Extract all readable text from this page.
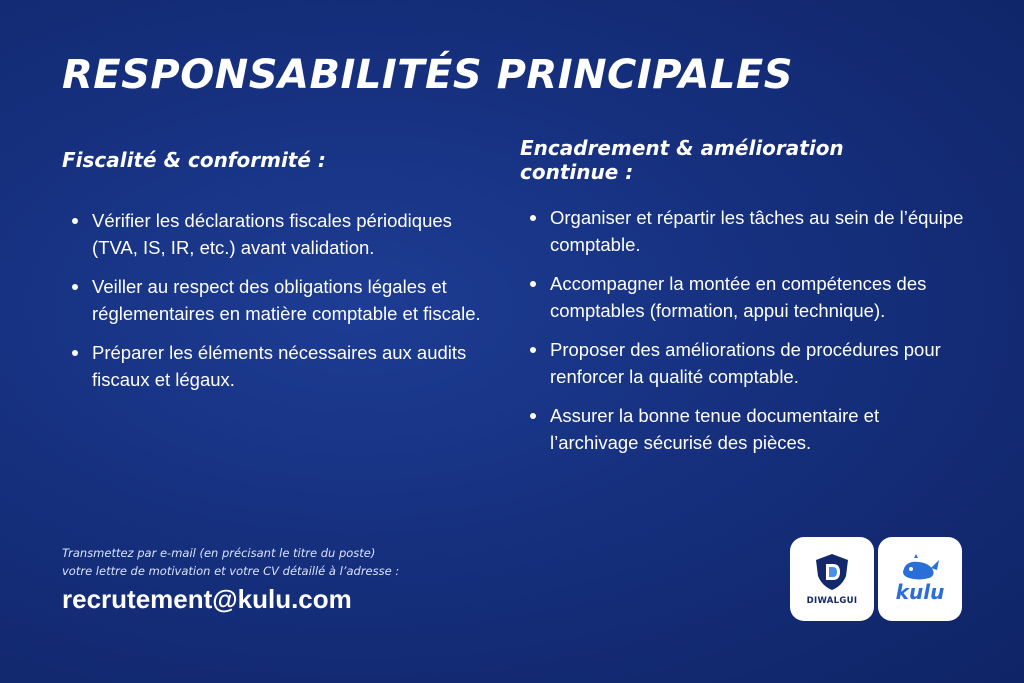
RESPONSABILITÉS PRINCIPALES
Fiscalité & conformité :
Vérifier les déclarations fiscales périodiques (TVA, IS, IR, etc.) avant validation.
Veiller au respect des obligations légales et réglementaires en matière comptable et fiscale.
Préparer les éléments nécessaires aux audits fiscaux et légaux.
Encadrement & amélioration continue :
Organiser et répartir les tâches au sein de l’équipe comptable.
Accompagner la montée en compétences des comptables (formation, appui technique).
Proposer des améliorations de procédures pour renforcer la qualité comptable.
Assurer la bonne tenue documentaire et l’archivage sécurisé des pièces.
Transmettez par e-mail (en précisant le titre du poste)
votre lettre de motivation et votre CV détaillé à l’adresse :
recrutement@kulu.com	DIWALGUI kulu
